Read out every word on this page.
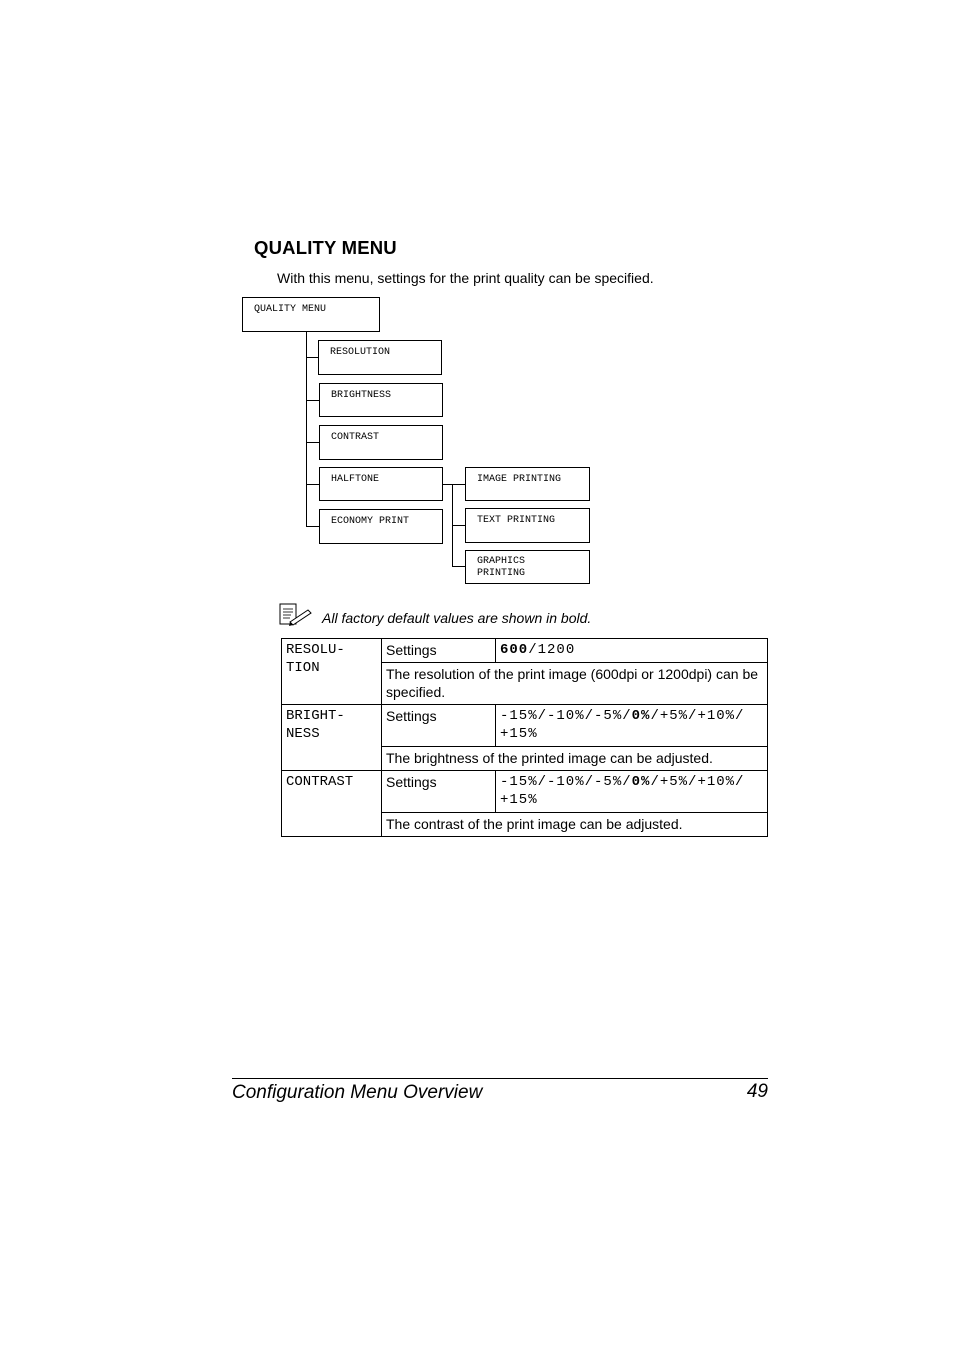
QUALITY MENU
With this menu, settings for the print quality can be specified.
QUALITY MENU
RESOLUTION
BRIGHTNESS
CONTRAST
HALFTONE
ECONOMY PRINT
IMAGE PRINTING
TEXT PRINTING
GRAPHICS
PRINTING
All factory default values are shown in bold.
RESOLU-
TION	Settings	600/1200
	The resolution of the print image (600dpi or 1200dpi) can be specified.	
BRIGHT-
NESS	Settings	-15%/-10%/-5%/0%/+5%/+10%/
+15%
	The brightness of the printed image can be adjusted.	
CONTRAST	Settings	-15%/-10%/-5%/0%/+5%/+10%/
+15%
	The contrast of the print image can be adjusted.	
Configuration Menu Overview	49
